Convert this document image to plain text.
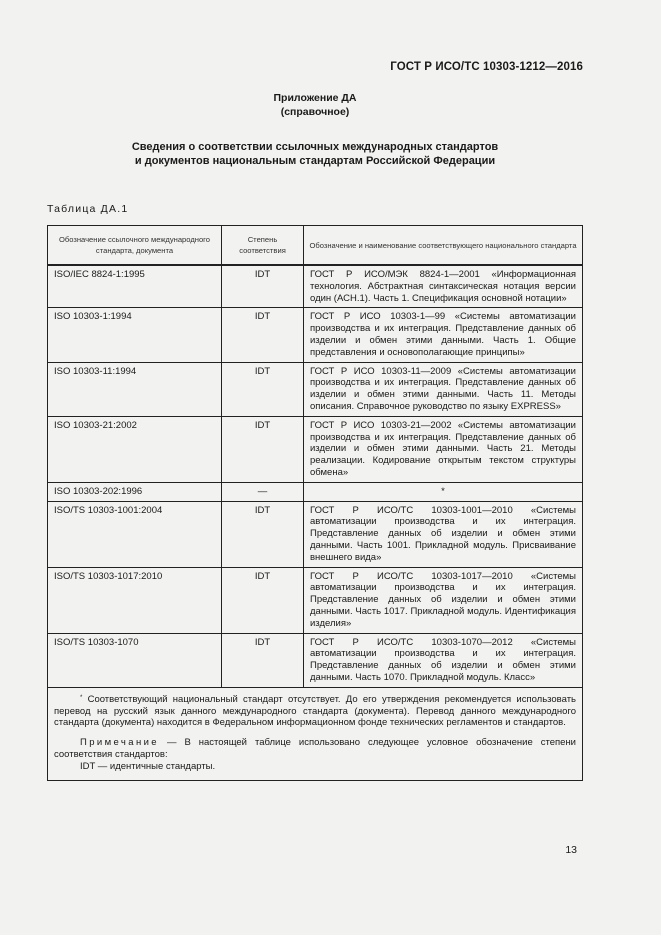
ГОСТ Р ИСО/ТС 10303-1212—2016
Приложение ДА
(справочное)
Сведения о соответствии ссылочных международных стандартов
и документов национальным стандартам Российской Федерации
Таблица ДА.1
Обозначение ссылочного международного стандарта, документа	Степень соответствия	Обозначение и наименование соответствующего национального стандарта
ISO/IEC 8824-1:1995	IDT	ГОСТ Р ИСО/МЭК 8824-1—2001 «Информационная технология. Абстрактная синтаксическая нотация версии один (АСН.1). Часть 1. Спецификация основной нотации»
ISO 10303-1:1994	IDT	ГОСТ Р ИСО 10303-1—99 «Системы автоматизации производства и их интеграция. Представление данных об изделии и обмен этими данными. Часть 1. Общие представления и основополагающие принципы»
ISO 10303-11:1994	IDT	ГОСТ Р ИСО 10303-11—2009 «Системы автоматизации производства и их интеграция. Представление данных об изделии и обмен этими данными. Часть 11. Методы описания. Справочное руководство по языку EXPRESS»
ISO 10303-21:2002	IDT	ГОСТ Р ИСО 10303-21—2002 «Системы автоматизации производства и их интеграция. Представление данных об изделии и обмен этими данными. Часть 21. Методы реализации. Кодирование открытым текстом структуры обмена»
ISO 10303-202:1996	—	*
ISO/TS 10303-1001:2004	IDT	ГОСТ Р ИСО/ТС 10303-1001—2010 «Системы автоматизации производства и их интеграция. Представление данных об изделии и обмен этими данными. Часть 1001. Прикладной модуль. Присваивание внешнего вида»
ISO/TS 10303-1017:2010	IDT	ГОСТ Р ИСО/ТС 10303-1017—2010 «Системы автоматизации производства и их интеграция. Представление данных об изделии и обмен этими данными. Часть 1017. Прикладной модуль. Идентификация изделия»
ISO/TS 10303-1070	IDT	ГОСТ Р ИСО/ТС 10303-1070—2012 «Системы автоматизации производства и их интеграция. Представление данных об изделии и обмен этими данными. Часть 1070. Прикладной модуль. Класс»

* Соответствующий национальный стандарт отсутствует. До его утверждения рекомендуется использовать перевод на русский язык данного международного стандарта (документа). Перевод данного международного стандарта (документа) находится в Федеральном информационном фонде технических регламентов и стандартов.

Примечание — В настоящей таблице использовано следующее условное обозначение степени соответствия стандартов:

IDT — идентичные стандарты.		

13
